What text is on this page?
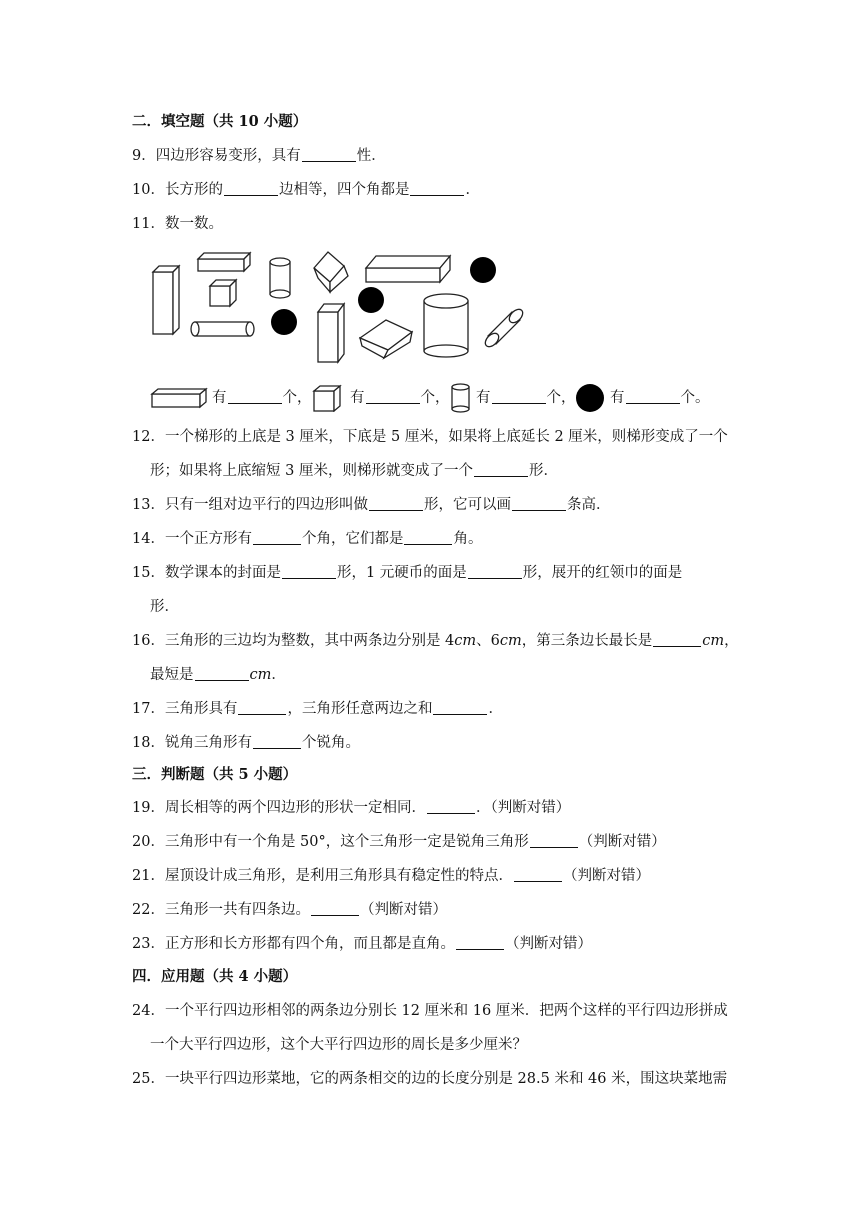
二．填空题（共 10 小题）
9．四边形容易变形，具有	性．
10．长方形的	边相等，四个角都是	．
11．数一数。
有	个，	有	个， 有	个， 有	个。
12．一个梯形的上底是 3 厘米，下底是 5 厘米，如果将上底延长 2 厘米，则梯形变成了一个
形；如果将上底缩短 3 厘米，则梯形就变成了一个	形．
13．只有一组对边平行的四边形叫做	形，它可以画	条高．
14．一个正方形有	个角，它们都是	角。
15．数学课本的封面是	形，1 元硬币的面是	形，展开的红领巾的面是
形．
16．三角形的三边均为整数，其中两条边分别是 4cm、6cm，第三条边长最长是	cm，
最短是	cm．
17．三角形具有	，三角形任意两边之和	．
18．锐角三角形有	个锐角。
三．判断题（共 5 小题）
19．周长相等的两个四边形的形状一定相同．	．（判断对错）
20．三角形中有一个角是 50°，这个三角形一定是锐角三角形	（判断对错）
21．屋顶设计成三角形，是利用三角形具有稳定性的特点．	（判断对错）
22．三角形一共有四条边。	（判断对错）
23．正方形和长方形都有四个角，而且都是直角。	（判断对错）
四．应用题（共 4 小题）
24．一个平行四边形相邻的两条边分别长 12 厘米和 16 厘米．把两个这样的平行四边形拼成
一个大平行四边形，这个大平行四边形的周长是多少厘米？
25．一块平行四边形菜地，它的两条相交的边的长度分别是 28.5 米和 46 米，围这块菜地需
